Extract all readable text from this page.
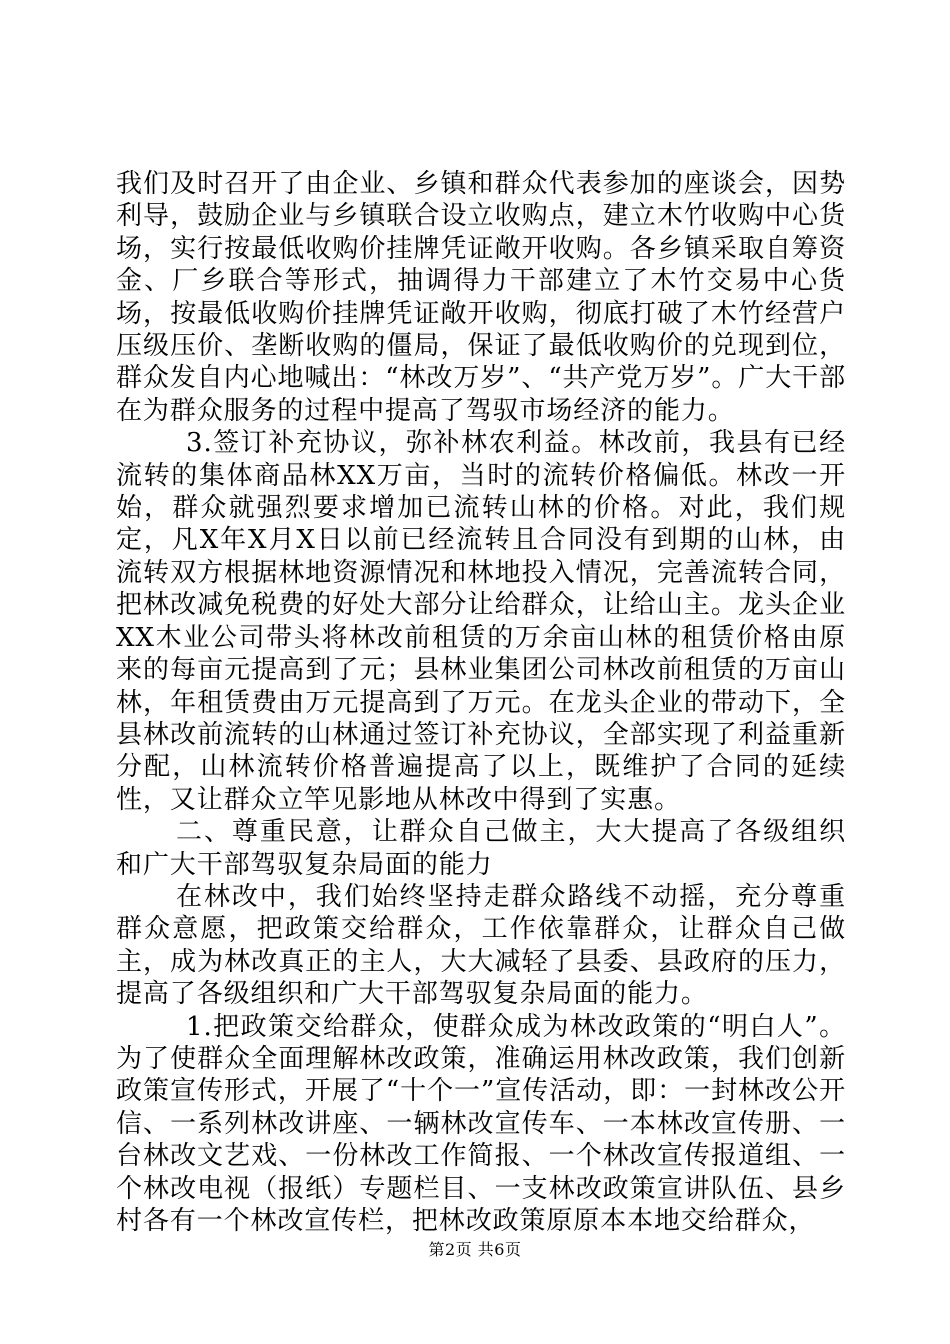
我们及时召开了由企业、乡镇和群众代表参加的座谈会，因势利导，鼓励企业与乡镇联合设立收购点，建立木竹收购中心货场，实行按最低收购价挂牌凭证敞开收购。各乡镇采取自筹资金、厂乡联合等形式，抽调得力干部建立了木竹交易中心货场，按最低收购价挂牌凭证敞开收购，彻底打破了木竹经营户压级压价、垄断收购的僵局，保证了最低收购价的兑现到位，群众发自内心地喊出：“林改万岁”、“共产党万岁”。广大干部在为群众服务的过程中提高了驾驭市场经济的能力。

3.签订补充协议，弥补林农利益。林改前，我县有已经流转的集体商品林XX万亩，当时的流转价格偏低。林改一开始，群众就强烈要求增加已流转山林的价格。对此，我们规定，凡X年X月X日以前已经流转且合同没有到期的山林，由流转双方根据林地资源情况和林地投入情况，完善流转合同，把林改减免税费的好处大部分让给群众，让给山主。龙头企业XX木业公司带头将林改前租赁的万余亩山林的租赁价格由原来的每亩元提高到了元；县林业集团公司林改前租赁的万亩山林，年租赁费由万元提高到了万元。在龙头企业的带动下，全县林改前流转的山林通过签订补充协议，全部实现了利益重新分配，山林流转价格普遍提高了以上，既维护了合同的延续性，又让群众立竿见影地从林改中得到了实惠。

二、尊重民意，让群众自己做主，大大提高了各级组织和广大干部驾驭复杂局面的能力

在林改中，我们始终坚持走群众路线不动摇，充分尊重群众意愿，把政策交给群众，工作依靠群众，让群众自己做主，成为林改真正的主人，大大减轻了县委、县政府的压力，提高了各级组织和广大干部驾驭复杂局面的能力。

1.把政策交给群众，使群众成为林改政策的“明白人”。为了使群众全面理解林改政策，准确运用林改政策，我们创新政策宣传形式，开展了“十个一”宣传活动，即：一封林改公开信、一系列林改讲座、一辆林改宣传车、一本林改宣传册、一台林改文艺戏、一份林改工作简报、一个林改宣传报道组、一个林改电视（报纸）专题栏目、一支林改政策宣讲队伍、县乡村各有一个林改宣传栏，把林改政策原原本本地交给群众，

第2页 共6页
